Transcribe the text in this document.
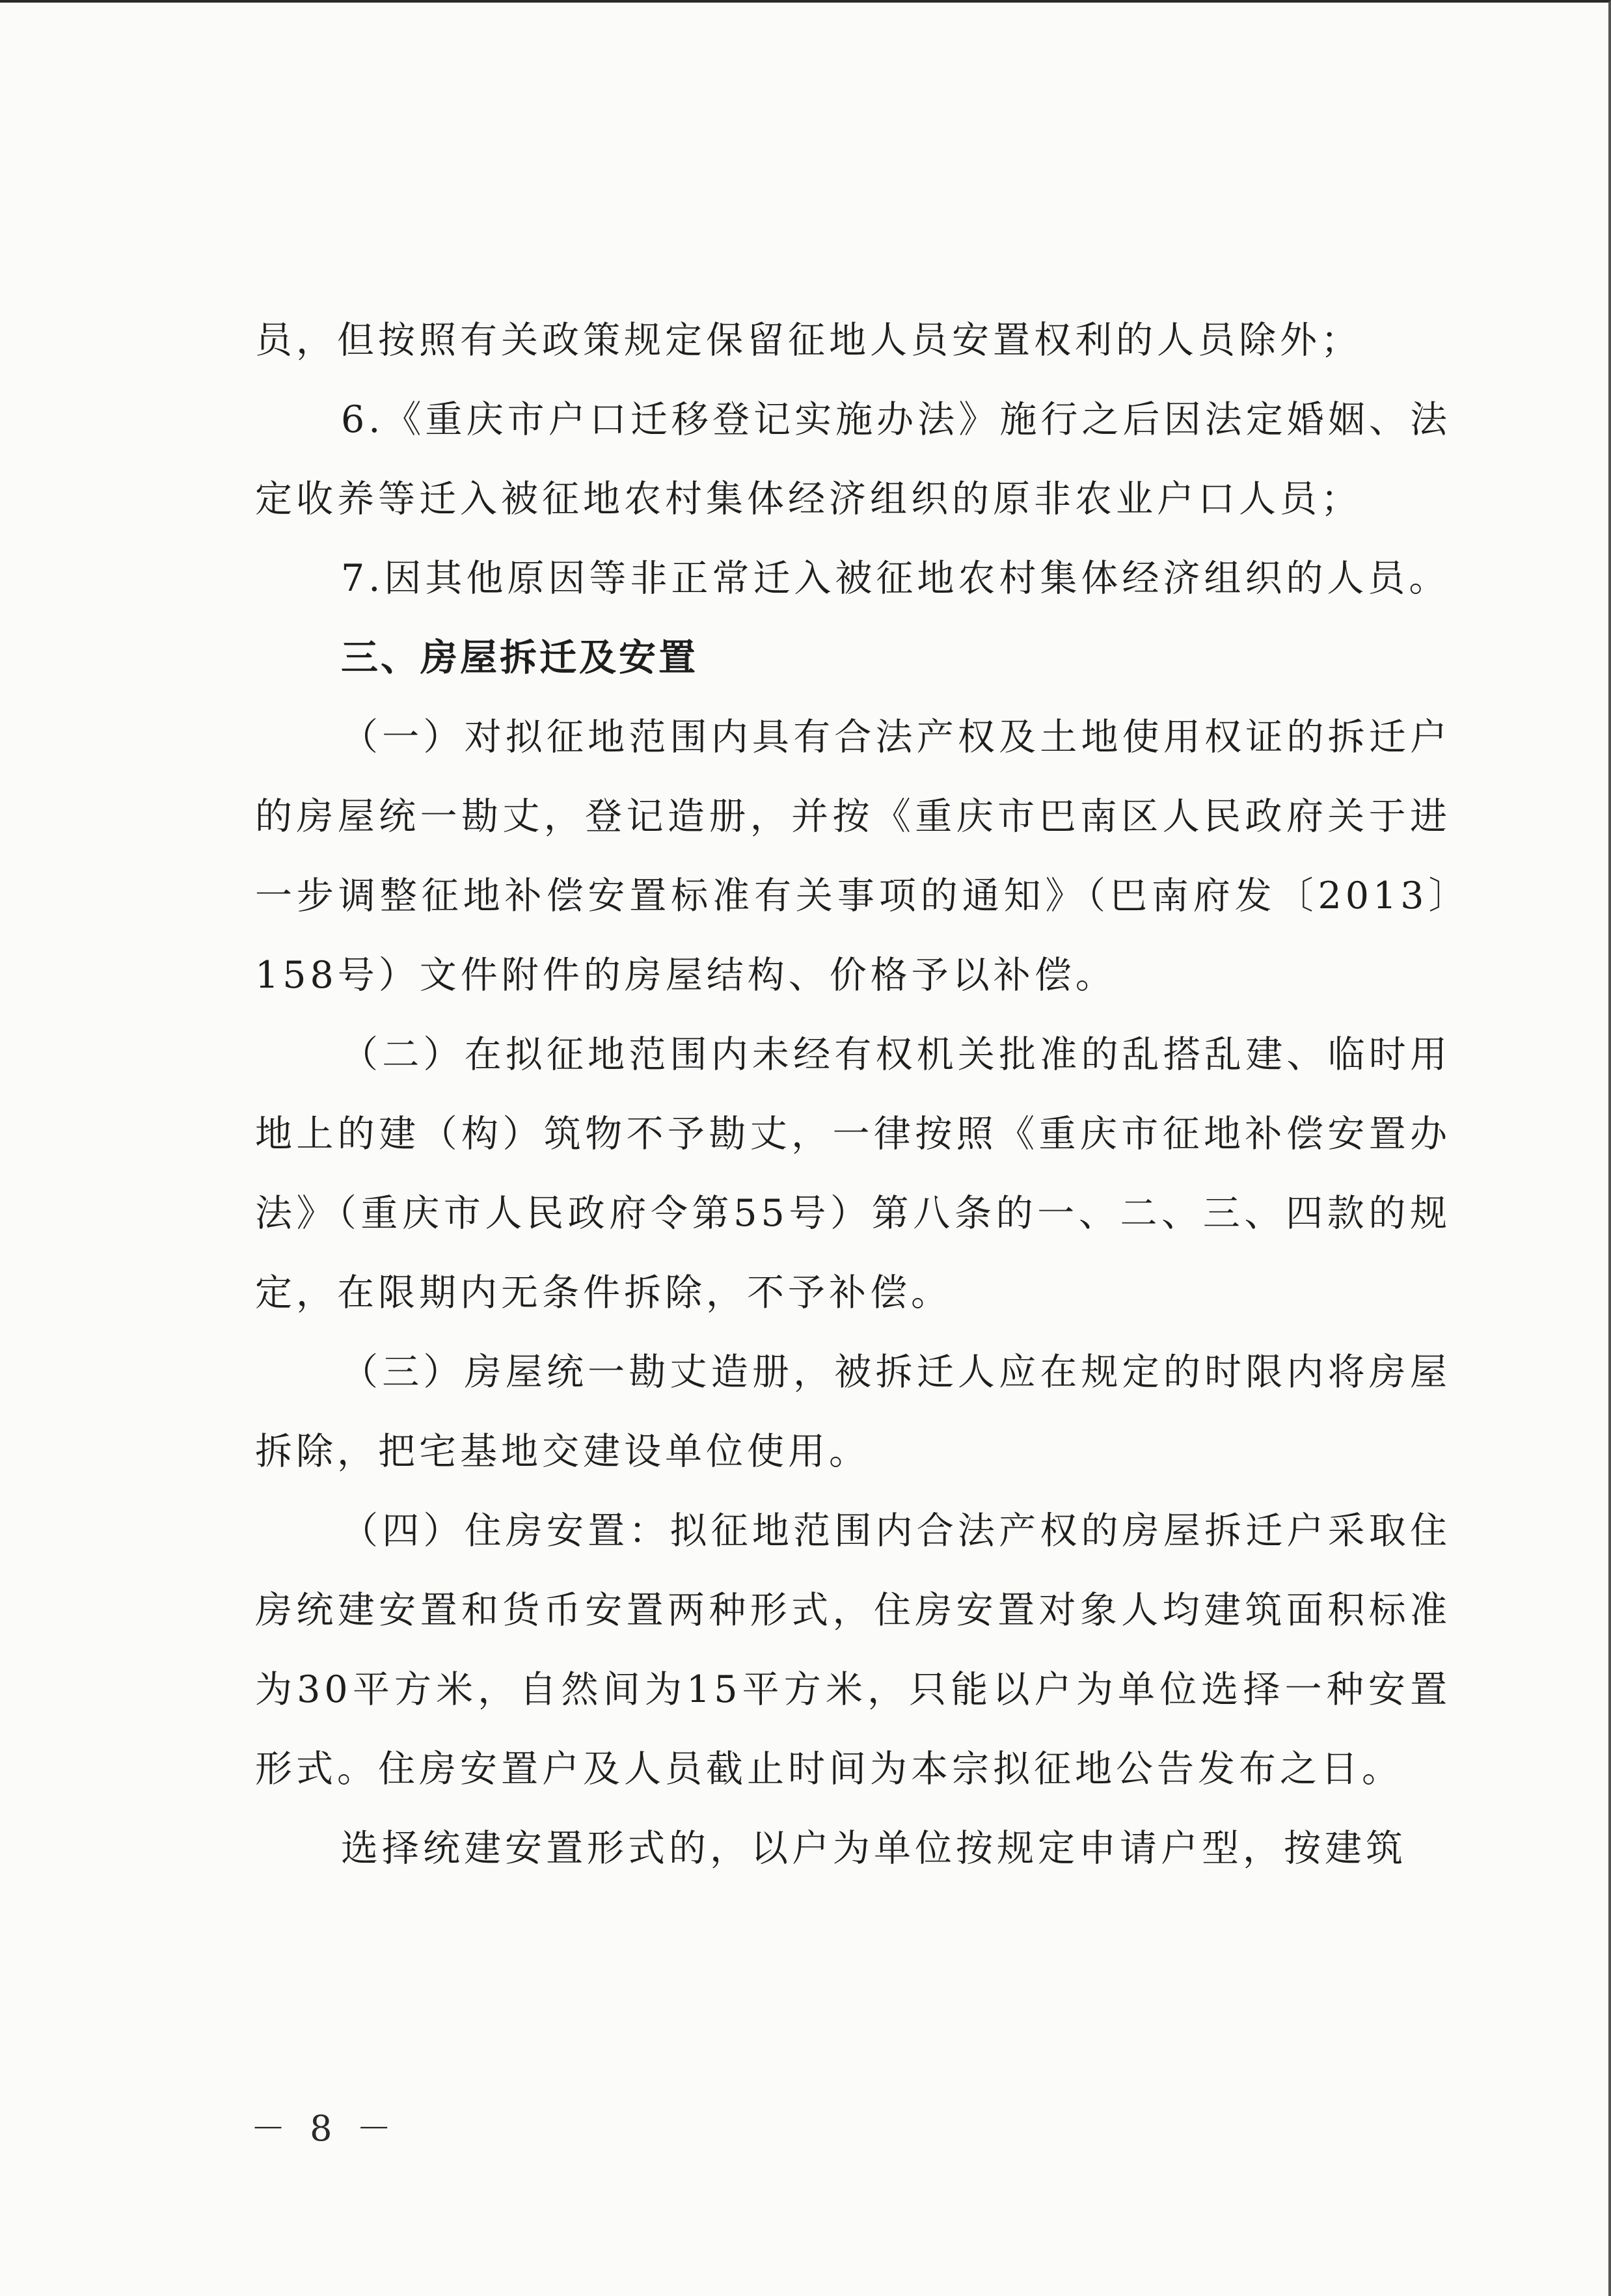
员，但按照有关政策规定保留征地人员安置权利的人员除外；

6.《重庆市户口迁移登记实施办法》施行之后因法定婚姻、法定收养等迁入被征地农村集体经济组织的原非农业户口人员；

7.因其他原因等非正常迁入被征地农村集体经济组织的人员。

三、房屋拆迁及安置

（一）对拟征地范围内具有合法产权及土地使用权证的拆迁户的房屋统一勘丈，登记造册，并按《重庆市巴南区人民政府关于进一步调整征地补偿安置标准有关事项的通知》（巴南府发〔2013〕158号）文件附件的房屋结构、价格予以补偿。

（二）在拟征地范围内未经有权机关批准的乱搭乱建、临时用地上的建（构）筑物不予勘丈，一律按照《重庆市征地补偿安置办法》（重庆市人民政府令第55号）第八条的一、二、三、四款的规定，在限期内无条件拆除，不予补偿。

（三）房屋统一勘丈造册，被拆迁人应在规定的时限内将房屋拆除，把宅基地交建设单位使用。

（四）住房安置：拟征地范围内合法产权的房屋拆迁户采取住房统建安置和货币安置两种形式，住房安置对象人均建筑面积标准为30平方米，自然间为15平方米，只能以户为单位选择一种安置形式。住房安置户及人员截止时间为本宗拟征地公告发布之日。

选择统建安置形式的，以户为单位按规定申请户型，按建筑

－ 8 －
